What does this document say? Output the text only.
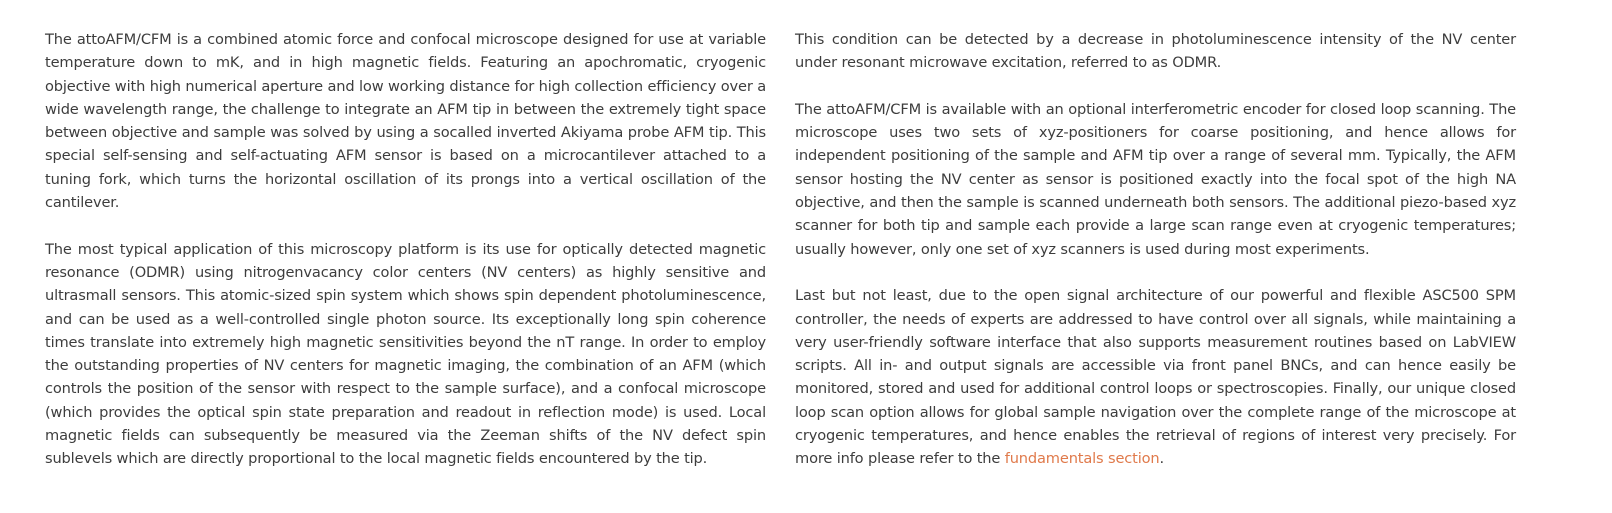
The attoAFM/CFM is a combined atomic force and confocal microscope designed for use at variable temperature down to mK, and in high magnetic fields. Featuring an apochromatic, cryogenic objective with high numerical aperture and low working distance for high collection efficiency over a wide wavelength range, the challenge to integrate an AFM tip in between the extremely tight space between objective and sample was solved by using a socalled inverted Akiyama probe AFM tip. This special self-sensing and self-actuating AFM sensor is based on a microcantilever attached to a tuning fork, which turns the horizontal oscillation of its prongs into a vertical oscillation of the cantilever.

The most typical application of this microscopy platform is its use for optically detected magnetic resonance (ODMR) using nitrogenvacancy color centers (NV centers) as highly sensitive and ultrasmall sensors. This atomic-sized spin system which shows spin dependent photoluminescence, and can be used as a well-controlled single photon source. Its exceptionally long spin coherence times translate into extremely high magnetic sensitivities beyond the nT range. In order to employ the outstanding properties of NV centers for magnetic imaging, the combination of an AFM (which controls the position of the sensor with respect to the sample surface), and a confocal microscope (which provides the optical spin state preparation and readout in reflection mode) is used. Local magnetic fields can subsequently be measured via the Zeeman shifts of the NV defect spin sublevels which are directly proportional to the local magnetic fields encountered by the tip.

This condition can be detected by a decrease in photoluminescence intensity of the NV center under resonant microwave excitation, referred to as ODMR.

The attoAFM/CFM is available with an optional interferometric encoder for closed loop scanning. The microscope uses two sets of xyz-positioners for coarse positioning, and hence allows for independent positioning of the sample and AFM tip over a range of several mm. Typically, the AFM sensor hosting the NV center as sensor is positioned exactly into the focal spot of the high NA objective, and then the sample is scanned underneath both sensors. The additional piezo-based xyz scanner for both tip and sample each provide a large scan range even at cryogenic temperatures; usually however, only one set of xyz scanners is used during most experiments.

Last but not least, due to the open signal architecture of our powerful and flexible ASC500 SPM controller, the needs of experts are addressed to have control over all signals, while maintaining a very user-friendly software interface that also supports measurement routines based on LabVIEW scripts. All in- and output signals are accessible via front panel BNCs, and can hence easily be monitored, stored and used for additional control loops or spectroscopies. Finally, our unique closed loop scan option allows for global sample navigation over the complete range of the microscope at cryogenic temperatures, and hence enables the retrieval of regions of interest very precisely. For more info please refer to the fundamentals section.
